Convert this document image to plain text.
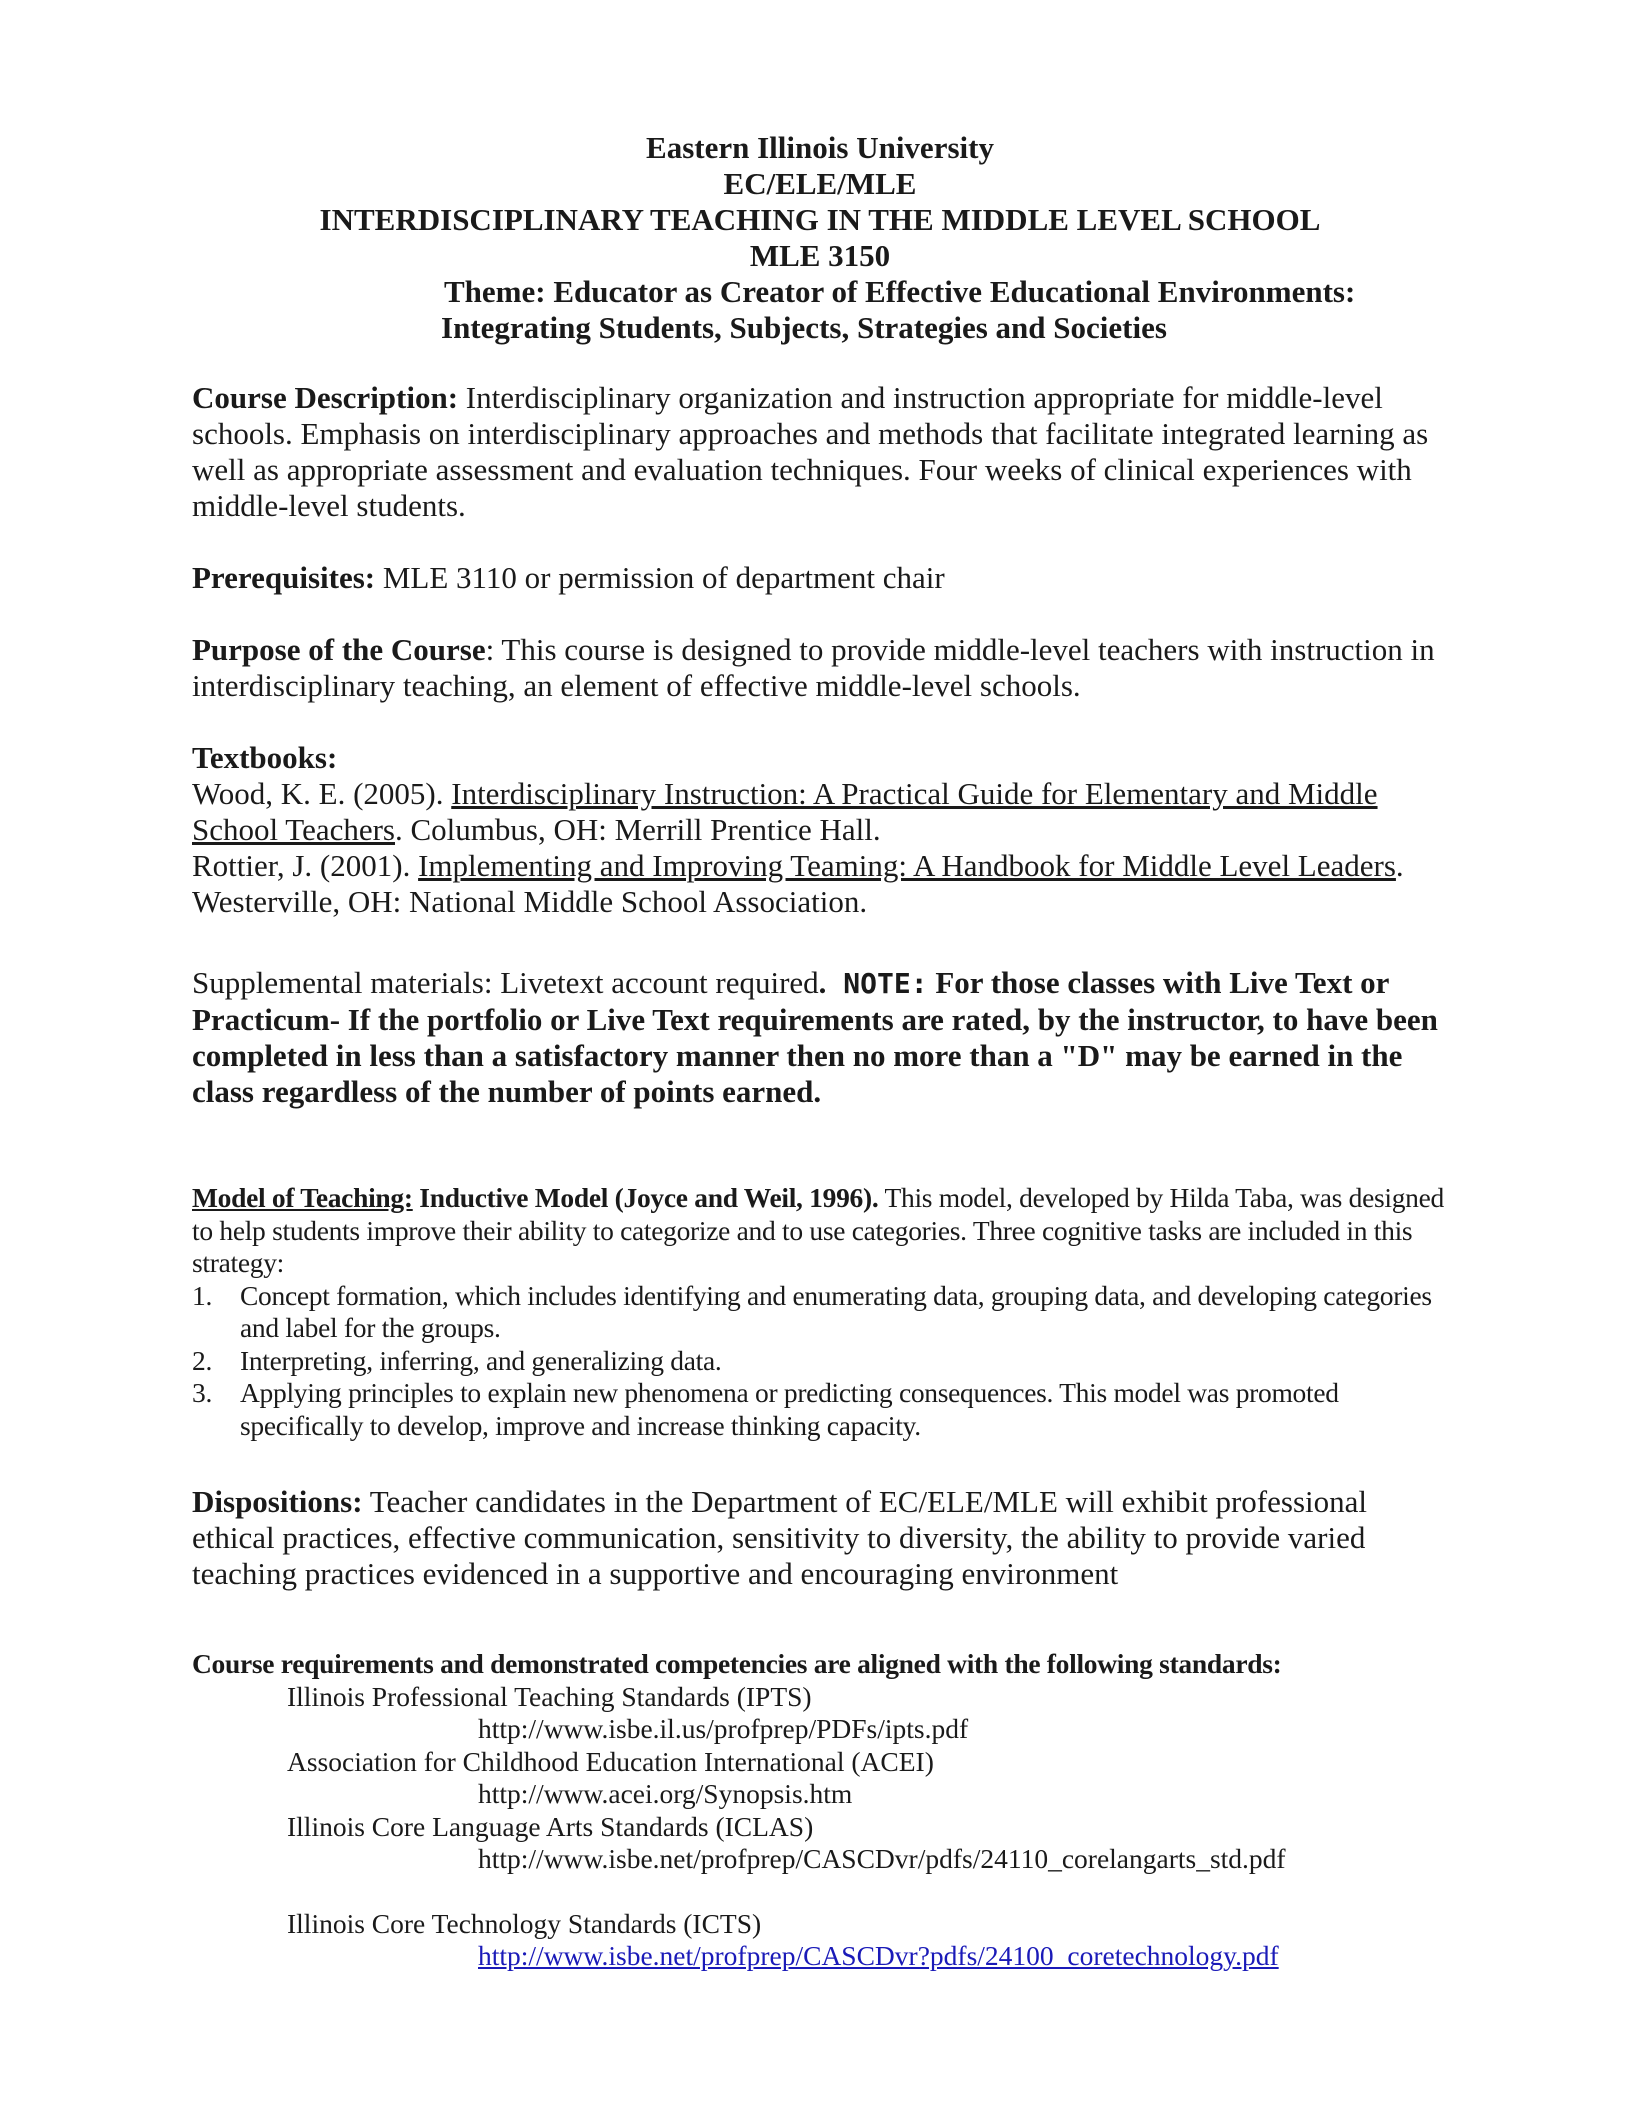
Eastern Illinois University
EC/ELE/MLE
INTERDISCIPLINARY TEACHING IN THE MIDDLE LEVEL SCHOOL
MLE 3150
Theme: Educator as Creator of Effective Educational Environments:
Integrating Students, Subjects, Strategies and Societies
Course Description: Interdisciplinary organization and instruction appropriate for middle-level schools. Emphasis on interdisciplinary approaches and methods that facilitate integrated learning as well as appropriate assessment and evaluation techniques. Four weeks of clinical experiences with middle-level students.
Prerequisites: MLE 3110 or permission of department chair
Purpose of the Course: This course is designed to provide middle-level teachers with instruction in interdisciplinary teaching, an element of effective middle-level schools.
Textbooks:
Wood, K. E. (2005). Interdisciplinary Instruction: A Practical Guide for Elementary and Middle School Teachers. Columbus, OH: Merrill Prentice Hall.
Rottier, J. (2001). Implementing and Improving Teaming: A Handbook for Middle Level Leaders. Westerville, OH: National Middle School Association.
Supplemental materials: Livetext account required. NOTE: For those classes with Live Text or Practicum- If the portfolio or Live Text requirements are rated, by the instructor, to have been completed in less than a satisfactory manner then no more than a "D" may be earned in the class regardless of the number of points earned.
Model of Teaching: Inductive Model (Joyce and Weil, 1996). This model, developed by Hilda Taba, was designed to help students improve their ability to categorize and to use categories. Three cognitive tasks are included in this strategy:
1. Concept formation, which includes identifying and enumerating data, grouping data, and developing categories and label for the groups.
2. Interpreting, inferring, and generalizing data.
3. Applying principles to explain new phenomena or predicting consequences. This model was promoted specifically to develop, improve and increase thinking capacity.
Dispositions: Teacher candidates in the Department of EC/ELE/MLE will exhibit professional ethical practices, effective communication, sensitivity to diversity, the ability to provide varied teaching practices evidenced in a supportive and encouraging environment
Course requirements and demonstrated competencies are aligned with the following standards:
Illinois Professional Teaching Standards (IPTS)
http://www.isbe.il.us/profprep/PDFs/ipts.pdf
Association for Childhood Education International (ACEI)
http://www.acei.org/Synopsis.htm
Illinois Core Language Arts Standards (ICLAS)
http://www.isbe.net/profprep/CASCDvr/pdfs/24110_corelangarts_std.pdf
Illinois Core Technology Standards (ICTS)
http://www.isbe.net/profprep/CASCDvr?pdfs/24100_coretechnology.pdf
